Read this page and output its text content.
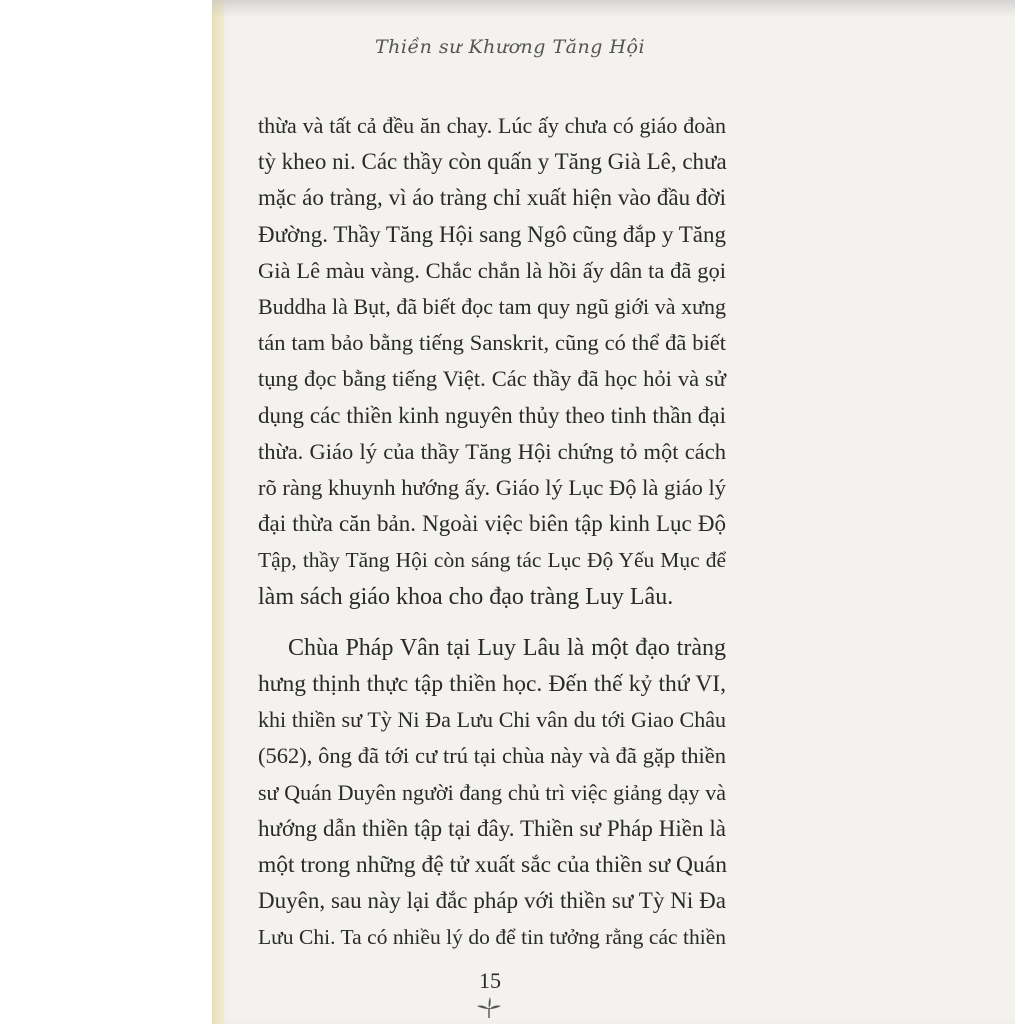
Thiền sư Khương Tăng Hội
thừa và tất cả đều ăn chay. Lúc ấy chưa có giáo đoàn
tỳ kheo ni. Các thầy còn quấn y Tăng Già Lê, chưa
mặc áo tràng, vì áo tràng chỉ xuất hiện vào đầu đời
Đường. Thầy Tăng Hội sang Ngô cũng đắp y Tăng
Già Lê màu vàng. Chắc chắn là hồi ấy dân ta đã gọi
Buddha là Bụt, đã biết đọc tam quy ngũ giới và xưng
tán tam bảo bằng tiếng Sanskrit, cũng có thể đã biết
tụng đọc bằng tiếng Việt. Các thầy đã học hỏi và sử
dụng các thiền kinh nguyên thủy theo tinh thần đại
thừa. Giáo lý của thầy Tăng Hội chứng tỏ một cách
rõ ràng khuynh hướng ấy. Giáo lý Lục Độ là giáo lý
đại thừa căn bản. Ngoài việc biên tập kinh Lục Độ
Tập, thầy Tăng Hội còn sáng tác Lục Độ Yếu Mục để
làm sách giáo khoa cho đạo tràng Luy Lâu.
Chùa Pháp Vân tại Luy Lâu là một đạo tràng
hưng thịnh thực tập thiền học. Đến thế kỷ thứ VI,
khi thiền sư Tỳ Ni Đa Lưu Chi vân du tới Giao Châu
(562), ông đã tới cư trú tại chùa này và đã gặp thiền
sư Quán Duyên người đang chủ trì việc giảng dạy và
hướng dẫn thiền tập tại đây. Thiền sư Pháp Hiền là
một trong những đệ tử xuất sắc của thiền sư Quán
Duyên, sau này lại đắc pháp với thiền sư Tỳ Ni Đa
Lưu Chi. Ta có nhiều lý do để tin tưởng rằng các thiền
15
